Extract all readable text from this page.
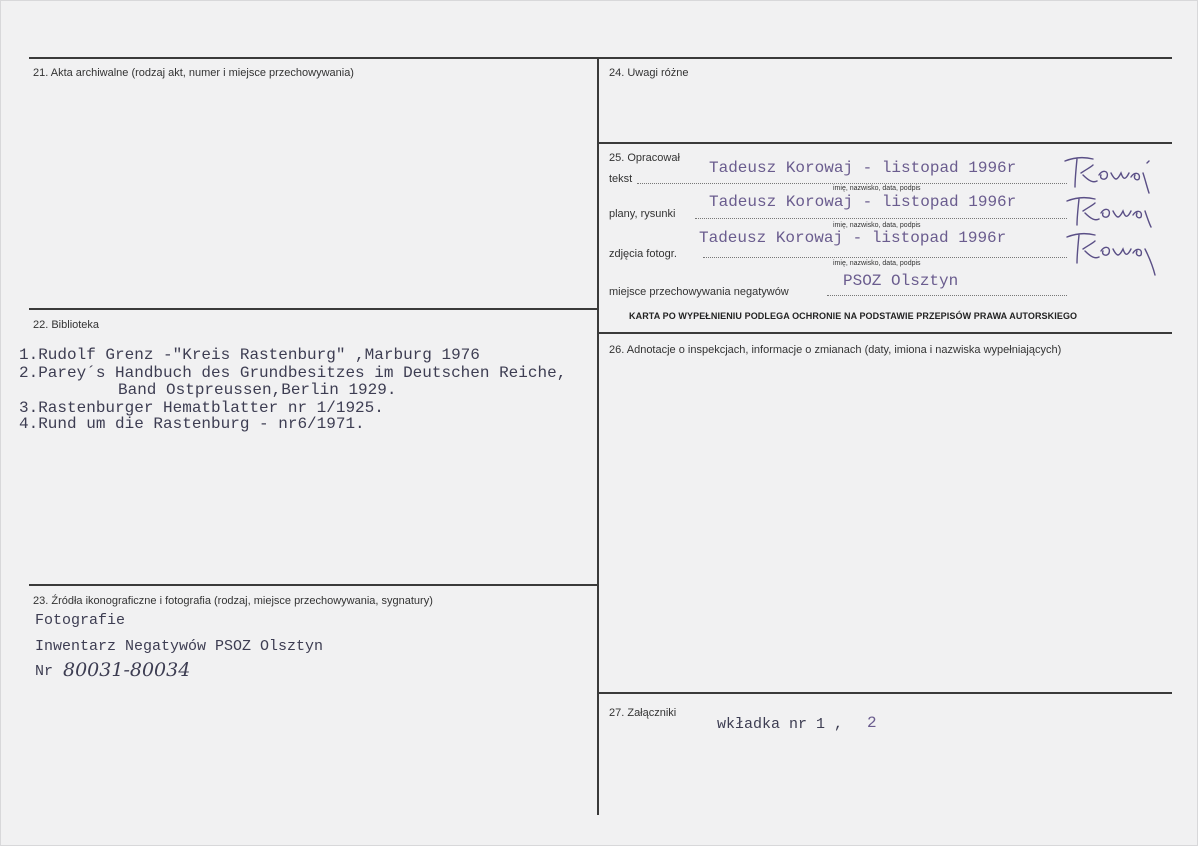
21. Akta archiwalne (rodzaj akt, numer i miejsce przechowywania)
22. Biblioteka
1.Rudolf Grenz -"Kreis Rastenburg" ,Marburg 1976
2.Parey´s Handbuch des Grundbesitzes im Deutschen Reiche,
Band Ostpreussen,Berlin 1929.
3.Rastenburger Hematblatter nr 1/1925.
4.Rund um die Rastenburg - nr6/1971.
23. Źródła ikonograficzne i fotografia (rodzaj, miejsce przechowywania, sygnatury)
Fotografie
Inwentarz Negatywów PSOZ Olsztyn
Nr 80031-80034
24. Uwagi różne
25. Opracował
tekst
Tadeusz Korowaj - listopad 1996r
imię, nazwisko, data, podpis
plany, rysunki
Tadeusz Korowaj - listopad 1996r
imię, nazwisko, data, podpis
zdjęcia fotogr.
Tadeusz Korowaj - listopad 1996r
imię, nazwisko, data, podpis
miejsce przechowywania negatywów
PSOZ Olsztyn
KARTA PO WYPEŁNIENIU PODLEGA OCHRONIE NA PODSTAWIE PRZEPISÓW PRAWA AUTORSKIEGO
26. Adnotacje o inspekcjach, informacje o zmianach (daty, imiona i nazwiska wypełniających)
27. Załączniki
wkładka nr 1 , 2
